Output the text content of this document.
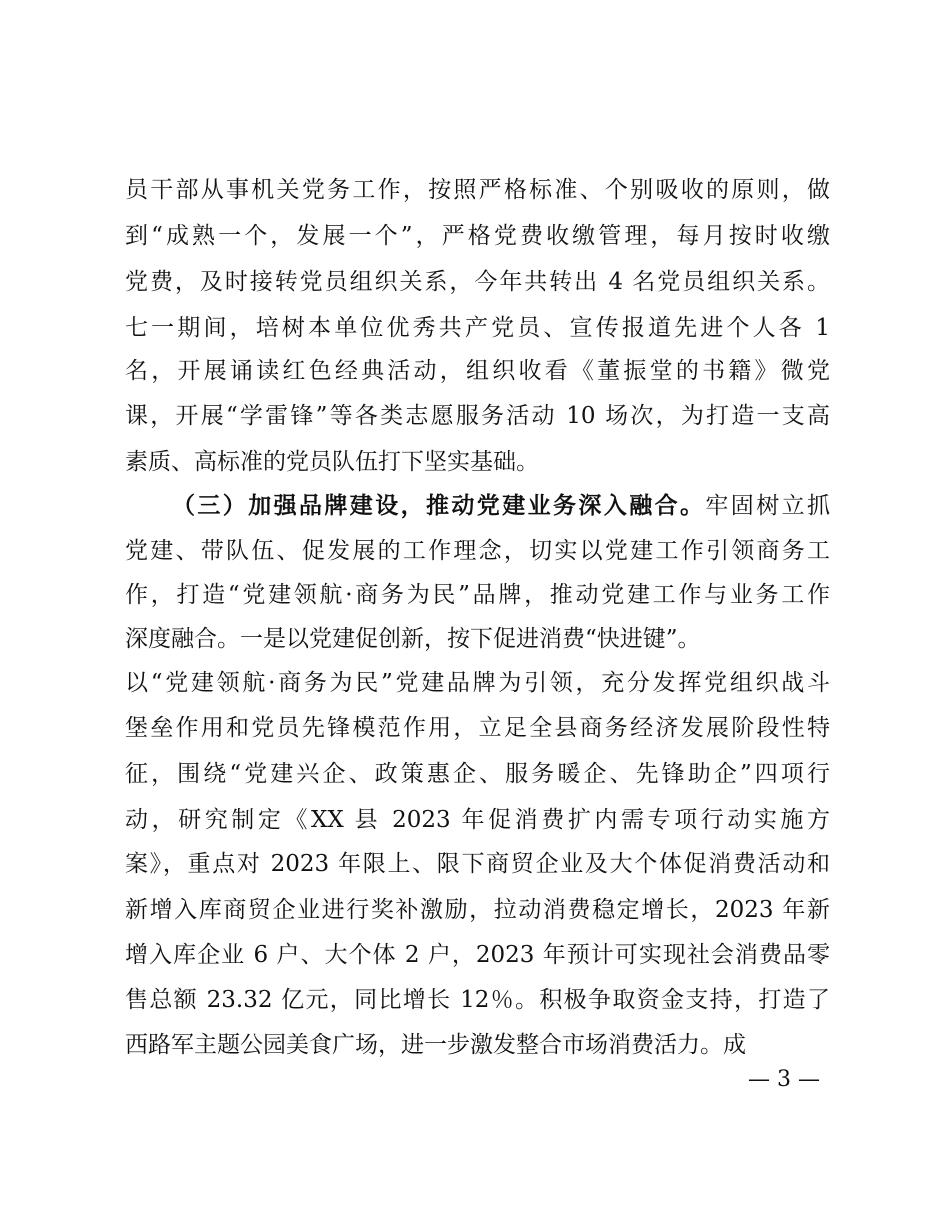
员干部从事机关党务工作，按照严格标准、个别吸收的原则，做
到“成熟一个，发展一个”，严格党费收缴管理，每月按时收缴
党费，及时接转党员组织关系，今年共转出 4 名党员组织关系。
七一期间，培树本单位优秀共产党员、宣传报道先进个人各 1
名，开展诵读红色经典活动，组织收看《董振堂的书籍》微党
课，开展“学雷锋”等各类志愿服务活动 10 场次，为打造一支高
素质、高标准的党员队伍打下坚实基础。
（三）加强品牌建设，推动党建业务深入融合。牢固树立抓
党建、带队伍、促发展的工作理念，切实以党建工作引领商务工
作，打造“党建领航·商务为民”品牌，推动党建工作与业务工作
深度融合。一是以党建促创新，按下促进消费“快进键”。
以“党建领航·商务为民”党建品牌为引领，充分发挥党组织战斗
堡垒作用和党员先锋模范作用，立足全县商务经济发展阶段性特
征，围绕“党建兴企、政策惠企、服务暖企、先锋助企”四项行
动，研究制定《XX 县 2023 年促消费扩内需专项行动实施方
案》，重点对 2023 年限上、限下商贸企业及大个体促消费活动和
新增入库商贸企业进行奖补激励，拉动消费稳定增长，2023 年新
增入库企业 6 户、大个体 2 户，2023 年预计可实现社会消费品零
售总额 23.32 亿元，同比增长 12％。积极争取资金支持，打造了
西路军主题公园美食广场，进一步激发整合市场消费活力。成
— 3 —
